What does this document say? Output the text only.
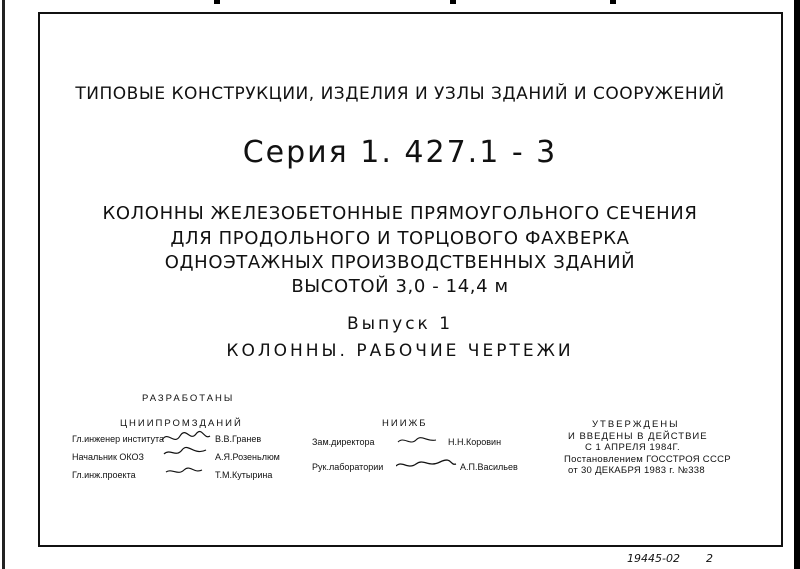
ТИПОВЫЕ КОНСТРУКЦИИ, ИЗДЕЛИЯ И УЗЛЫ ЗДАНИЙ И СООРУЖЕНИЙ
Серия 1. 427.1 - 3
КОЛОННЫ ЖЕЛЕЗОБЕТОННЫЕ ПРЯМОУГОЛЬНОГО СЕЧЕНИЯ
ДЛЯ ПРОДОЛЬНОГО И ТОРЦОВОГО ФАХВЕРКА
ОДНОЭТАЖНЫХ ПРОИЗВОДСТВЕННЫХ ЗДАНИЙ
ВЫСОТОЙ 3,0 - 14,4 м
Выпуск 1
КОЛОННЫ. РАБОЧИЕ ЧЕРТЕЖИ
РАЗРАБОТАНЫ
ЦНИИПРОМЗДАНИЙ
Гл.инженер института	В.В.Гранев
Начальник ОКОЗ	А.Я.Розеньлюм
Гл.инж.проекта	Т.М.Кутырина
НИИЖБ
Зам.директора	Н.Н.Коровин
Рук.лаборатории	А.П.Васильев
УТВЕРЖДЕНЫ
И ВВЕДЕНЫ В ДЕЙСТВИЕ
С 1 АПРЕЛЯ 1984Г.
Постановлением ГОССТРОЯ СССР
от 30 ДЕКАБРЯ 1983 г. №338
19445-02 2
